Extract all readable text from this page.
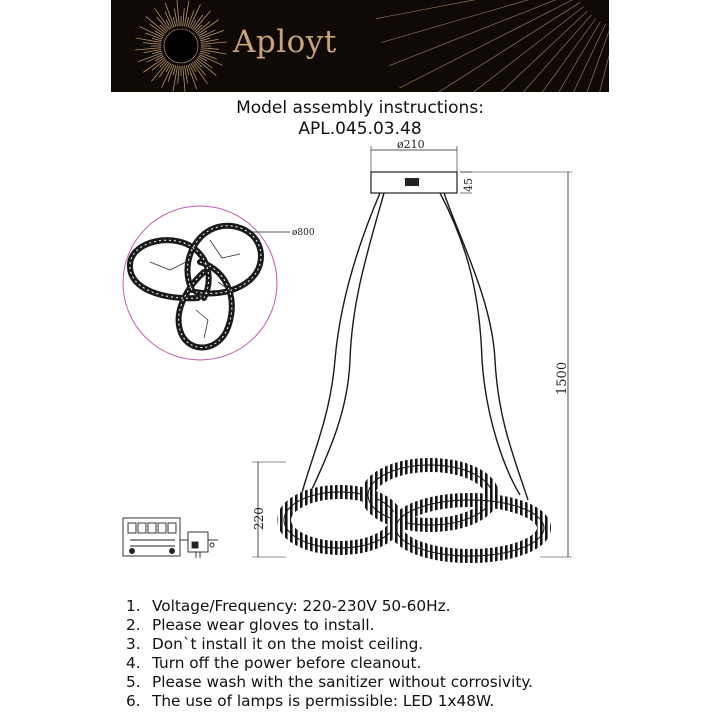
Aployt
Model assembly instructions:
APL.045.03.48
ø800
ø210
45
1500
220
1. Voltage/Frequency: 220-230V 50-60Hz.
2. Please wear gloves to install.
3. Don`t install it on the moist ceiling.
4. Turn off the power before cleanout.
5. Please wash with the sanitizer without corrosivity.
6. The use of lamps is permissible: LED 1x48W.
